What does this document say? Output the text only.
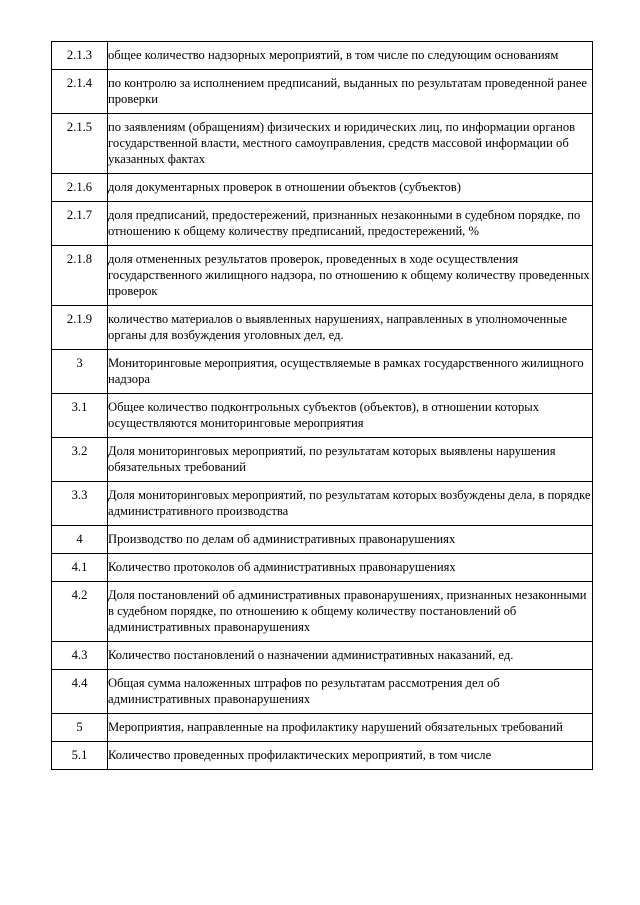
2.1.3	общее количество надзорных мероприятий, в том числе по следующим основаниям

2.1.4	по контролю за исполнением предписаний, выданных по результатам проведенной ранее проверки

2.1.5	по заявлениям (обращениям) физических и юридических лиц, по информации органов государственной власти, местного самоуправления, средств массовой информации об указанных фактах

2.1.6	доля документарных проверок в отношении объектов (субъектов)

2.1.7	доля предписаний, предостережений, признанных незаконными в судебном порядке, по отношению к общему количеству предписаний, предостережений, %

2.1.8	доля отмененных результатов проверок, проведенных в ходе осуществления государственного жилищного надзора, по отношению к общему количеству проведенных проверок

2.1.9	количество материалов о выявленных нарушениях, направленных в уполномоченные органы для возбуждения уголовных дел, ед.

3	Мониторинговые мероприятия, осуществляемые в рамках государственного жилищного надзора

3.1	Общее количество подконтрольных субъектов (объектов), в отношении которых осуществляются мониторинговые мероприятия

3.2	Доля мониторинговых мероприятий, по результатам которых выявлены нарушения обязательных требований

3.3	Доля мониторинговых мероприятий, по результатам которых возбуждены дела, в порядке административного производства

4	Производство по делам об административных правонарушениях

4.1	Количество протоколов об административных правонарушениях

4.2	Доля постановлений об административных правонарушениях, признанных незаконными в судебном порядке, по отношению к общему количеству постановлений об административных правонарушениях

4.3	Количество постановлений о назначении административных наказаний, ед.

4.4	Общая сумма наложенных штрафов по результатам рассмотрения дел об административных правонарушениях

5	Мероприятия, направленные на профилактику нарушений обязательных требований

5.1	Количество проведенных профилактических мероприятий, в том числе
